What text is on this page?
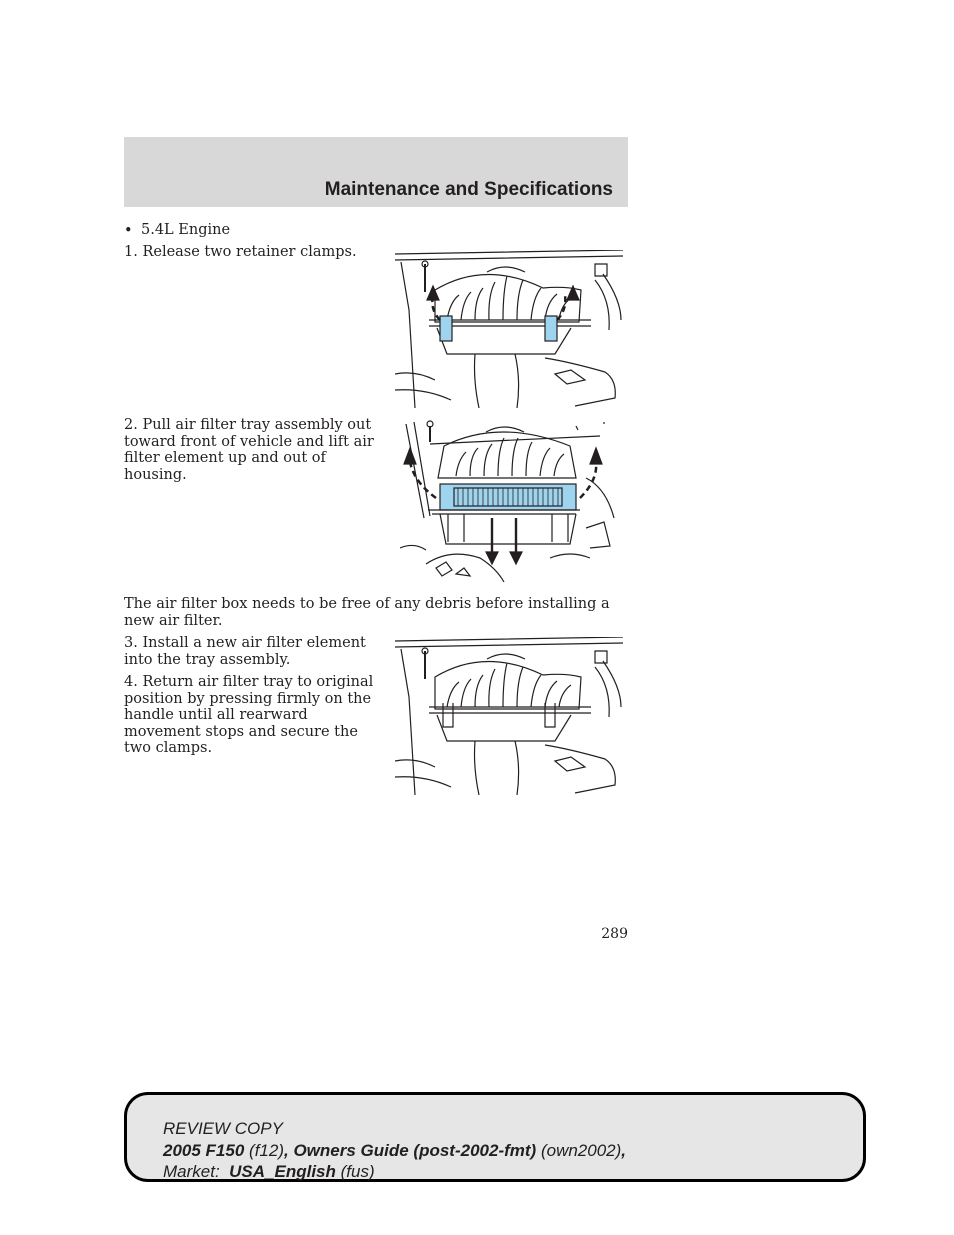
Maintenance and Specifications
• 5.4L Engine
1. Release two retainer clamps.
2. Pull air filter tray assembly out toward front of vehicle and lift air filter element up and out of housing.
The air filter box needs to be free of any debris before installing a new air filter.
3. Install a new air filter element into the tray assembly.
4. Return air filter tray to original position by pressing firmly on the handle until all rearward movement stops and secure the two clamps.
289
REVIEW COPY
2005 F150 (f12), Owners Guide (post-2002-fmt) (own2002),
Market: USA_English (fus)
